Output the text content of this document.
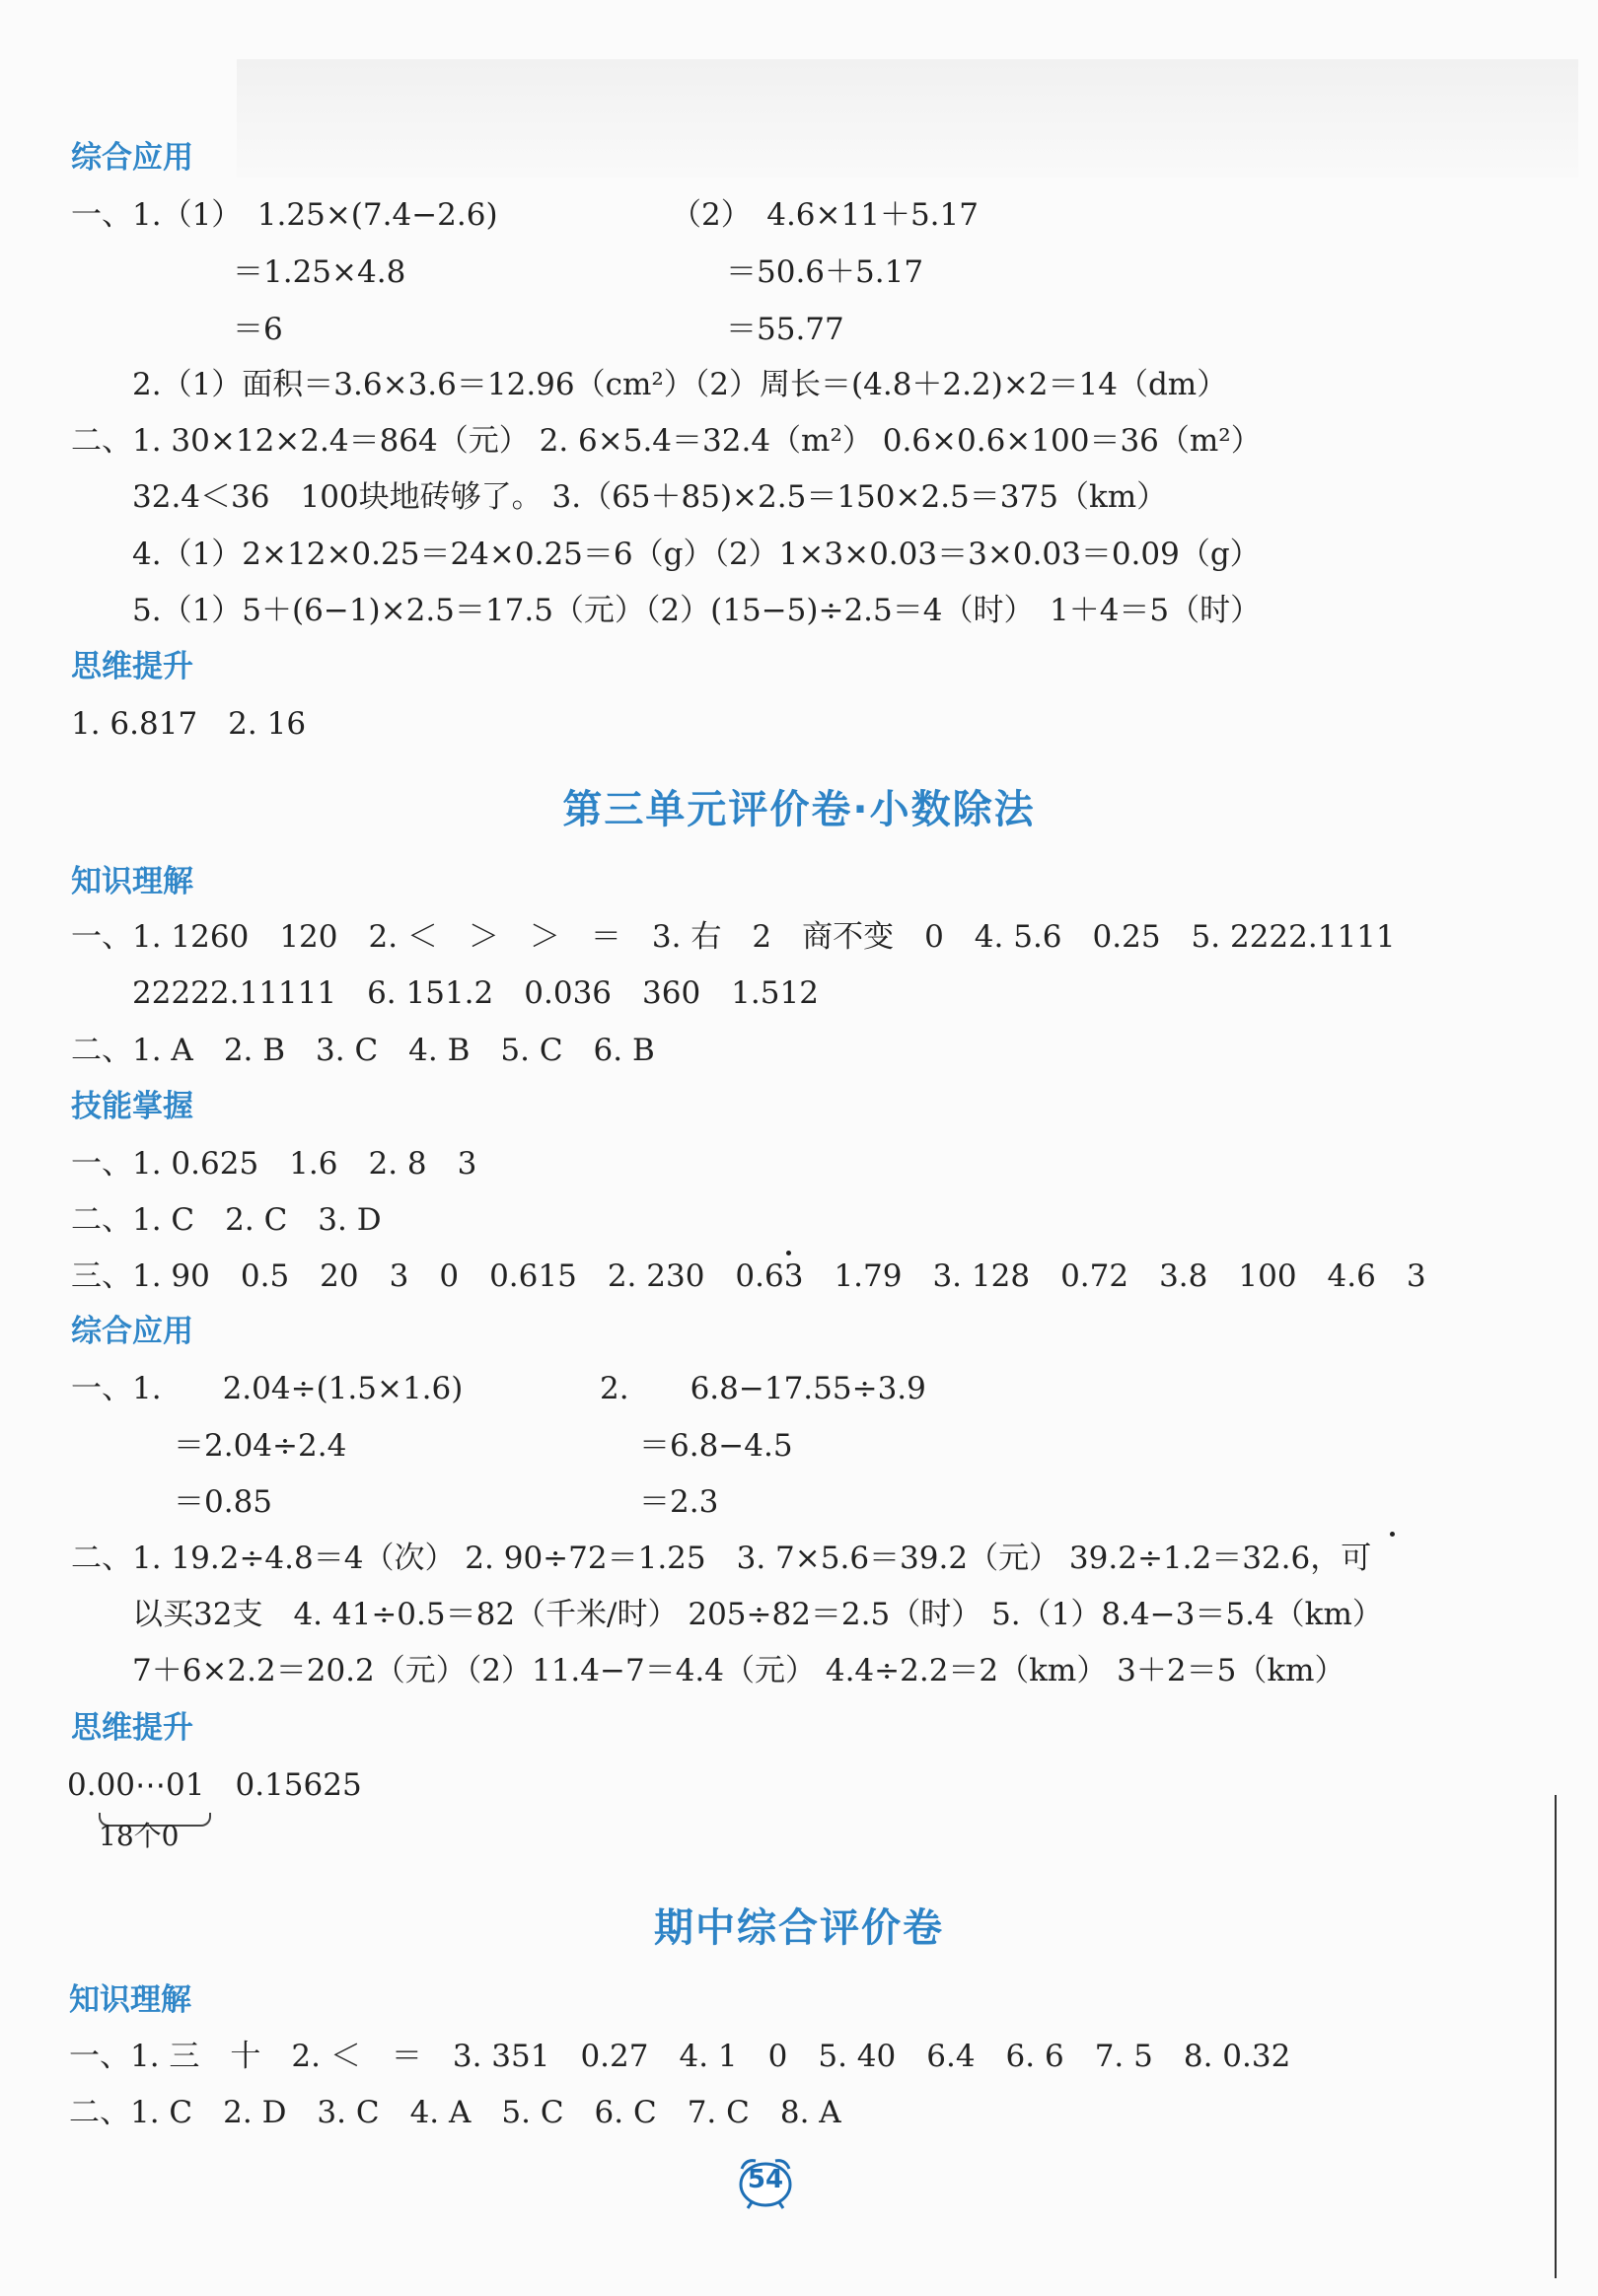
综合应用
一、1.（1）　1.25×(7.4−2.6)	（2）　4.6×11＋5.17
＝1.25×4.8	＝50.6＋5.17
＝6	＝55.77
2.（1）面积＝3.6×3.6＝12.96（cm²）（2）周长＝(4.8＋2.2)×2＝14（dm）
二、1. 30×12×2.4＝864（元） 2. 6×5.4＝32.4（m²） 0.6×0.6×100＝36（m²）
32.4＜36　100块地砖够了。 3.（65＋85)×2.5＝150×2.5＝375（km）
4.（1）2×12×0.25＝24×0.25＝6（g）（2）1×3×0.03＝3×0.03＝0.09（g）
5.（1）5＋(6−1)×2.5＝17.5（元）（2）(15−5)÷2.5＝4（时）　1＋4＝5（时）
思维提升
1. 6.817　2. 16
第三单元评价卷·小数除法
知识理解
一、1. 1260　120　2. ＜　＞　＞　＝　3. 右　2　商不变　0　4. 5.6　0.25　5. 2222.1111
22222.11111　6. 151.2　0.036　360　1.512
二、1. A　2. B　3. C　4. B　5. C　6. B
技能掌握
一、1. 0.625　1.6　2. 8　3
二、1. C　2. C　3. D
三、1. 90　0.5　20　3　0　0.615　2. 230　0.63　1.79　3. 128　0.72　3.8　100　4.6　3
综合应用
一、1.　　2.04÷(1.5×1.6)	2.　　6.8−17.55÷3.9
＝2.04÷2.4	＝6.8−4.5
＝0.85	＝2.3
二、1. 19.2÷4.8＝4（次） 2. 90÷72＝1.25　3. 7×5.6＝39.2（元） 39.2÷1.2＝32.6，可
以买32支　4. 41÷0.5＝82（千米/时） 205÷82＝2.5（时） 5.（1）8.4−3＝5.4（km）
7＋6×2.2＝20.2（元）（2）11.4−7＝4.4（元） 4.4÷2.2＝2（km） 3＋2＝5（km）
思维提升
0.00⋯01　0.15625
18个0
期中综合评价卷
知识理解
一、1. 三　十　2. ＜　＝　3. 351　0.27　4. 1　0　5. 40　6.4　6. 6　7. 5　8. 0.32
二、1. C　2. D　3. C　4. A　5. C　6. C　7. C　8. A
54
